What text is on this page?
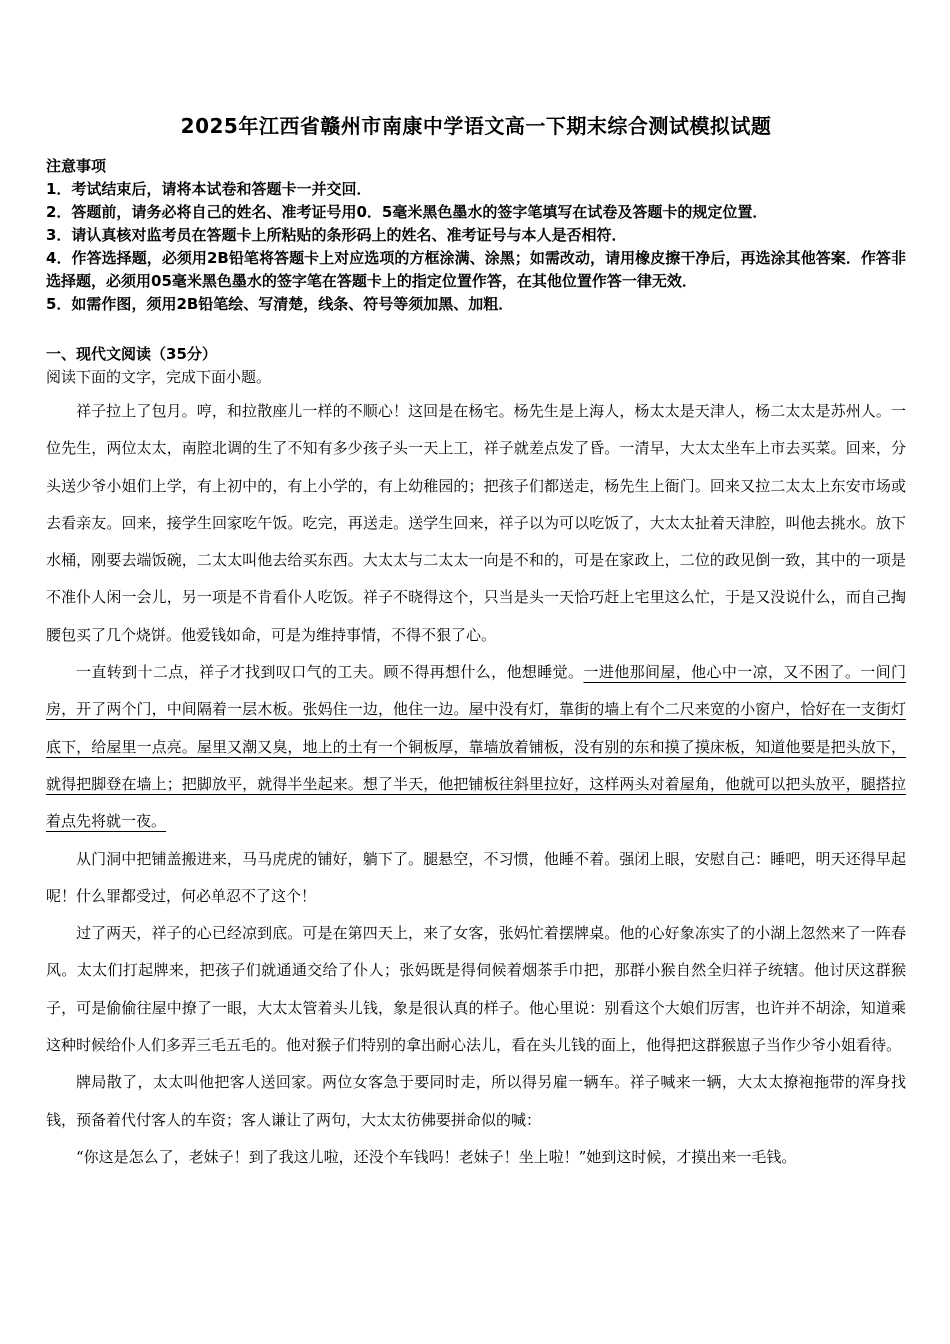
2025年江西省赣州市南康中学语文高一下期末综合测试模拟试题

注意事项

1．考试结束后，请将本试卷和答题卡一并交回．

2．答题前，请务必将自己的姓名、准考证号用0．5毫米黑色墨水的签字笔填写在试卷及答题卡的规定位置．

3．请认真核对监考员在答题卡上所粘贴的条形码上的姓名、准考证号与本人是否相符．

4．作答选择题，必须用2B铅笔将答题卡上对应选项的方框涂满、涂黑；如需改动，请用橡皮擦干净后，再选涂其他答案．作答非选择题，必须用05毫米黑色墨水的签字笔在答题卡上的指定位置作答，在其他位置作答一律无效．

5．如需作图，须用2B铅笔绘、写清楚，线条、符号等须加黑、加粗．

一、现代文阅读（35分）

阅读下面的文字，完成下面小题。

祥子拉上了包月。哼，和拉散座儿一样的不顺心！这回是在杨宅。杨先生是上海人，杨太太是天津人，杨二太太是苏州人。一位先生，两位太太，南腔北调的生了不知有多少孩子头一天上工，祥子就差点发了昏。一清早，大太太坐车上市去买菜。回来，分头送少爷小姐们上学，有上初中的，有上小学的，有上幼稚园的；把孩子们都送走，杨先生上衙门。回来又拉二太太上东安市场或去看亲友。回来，接学生回家吃午饭。吃完，再送走。送学生回来，祥子以为可以吃饭了，大太太扯着天津腔，叫他去挑水。放下水桶，刚要去端饭碗，二太太叫他去给买东西。大太太与二太太一向是不和的，可是在家政上，二位的政见倒一致，其中的一项是不准仆人闲一会儿，另一项是不肯看仆人吃饭。祥子不晓得这个，只当是头一天恰巧赶上宅里这么忙，于是又没说什么，而自己掏腰包买了几个烧饼。他爱钱如命，可是为维持事情，不得不狠了心。

一直转到十二点，祥子才找到叹口气的工夫。顾不得再想什么，他想睡觉。一进他那间屋，他心中一凉，又不困了。一间门房，开了两个门，中间隔着一层木板。张妈住一边，他住一边。屋中没有灯，靠街的墙上有个二尺来宽的小窗户，恰好在一支街灯底下，给屋里一点亮。屋里又潮又臭，地上的土有一个铜板厚，靠墙放着铺板，没有别的东和摸了摸床板，知道他要是把头放下，就得把脚登在墙上；把脚放平，就得半坐起来。想了半天，他把铺板往斜里拉好，这样两头对着屋角，他就可以把头放平，腿搭拉着点先将就一夜。

从门洞中把铺盖搬进来，马马虎虎的铺好，躺下了。腿悬空，不习惯，他睡不着。强闭上眼，安慰自己：睡吧，明天还得早起呢！什么罪都受过，何必单忍不了这个！

过了两天，祥子的心已经凉到底。可是在第四天上，来了女客，张妈忙着摆牌桌。他的心好象冻实了的小湖上忽然来了一阵春风。太太们打起牌来，把孩子们就通通交给了仆人；张妈既是得伺候着烟茶手巾把，那群小猴自然全归祥子统辖。他讨厌这群猴子，可是偷偷往屋中撩了一眼，大太太管着头儿钱，象是很认真的样子。他心里说：别看这个大娘们厉害，也许并不胡涂，知道乘这种时候给仆人们多弄三毛五毛的。他对猴子们特别的拿出耐心法儿，看在头儿钱的面上，他得把这群猴崽子当作少爷小姐看待。

牌局散了，太太叫他把客人送回家。两位女客急于要同时走，所以得另雇一辆车。祥子喊来一辆，大太太撩袍拖带的浑身找钱，预备着代付客人的车资；客人谦让了两句，大太太彷佛要拼命似的喊：

“你这是怎么了，老妹子！到了我这儿啦，还没个车钱吗！老妹子！坐上啦！”她到这时候，才摸出来一毛钱。
